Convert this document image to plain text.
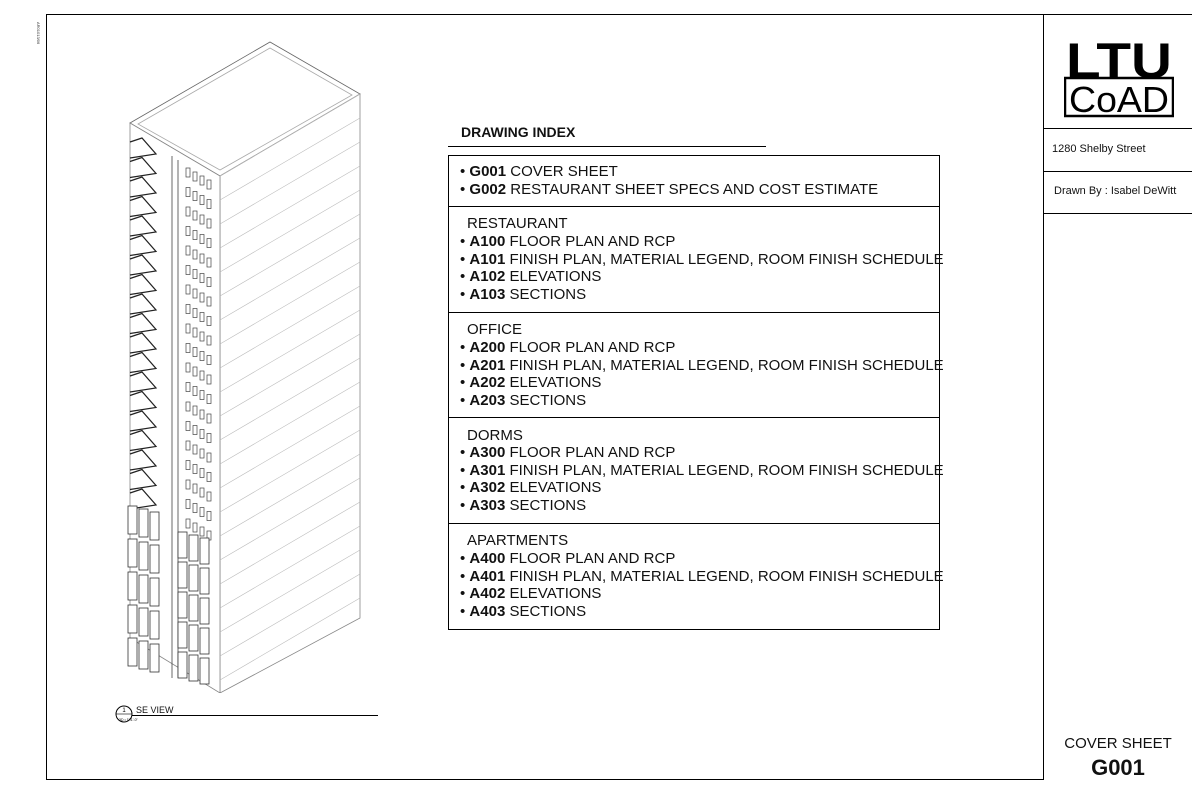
AR01013/06	LTU
CoAD
1280 Shelby Street
Drawn By : Isabel DeWitt
COVER SHEET
G001
1
3D • 1"/1'-0"
SE VIEW
DRAWING INDEX
• G001 COVER SHEET
• G002 RESTAURANT SHEET SPECS AND COST ESTIMATE
RESTAURANT
• A100 FLOOR PLAN AND RCP
• A101 FINISH PLAN, MATERIAL LEGEND, ROOM FINISH SCHEDULE
• A102 ELEVATIONS
• A103 SECTIONS
OFFICE
• A200 FLOOR PLAN AND RCP
• A201 FINISH PLAN, MATERIAL LEGEND, ROOM FINISH SCHEDULE
• A202 ELEVATIONS
• A203 SECTIONS
DORMS
• A300 FLOOR PLAN AND RCP
• A301 FINISH PLAN, MATERIAL LEGEND, ROOM FINISH SCHEDULE
• A302 ELEVATIONS
• A303 SECTIONS
APARTMENTS
• A400 FLOOR PLAN AND RCP
• A401 FINISH PLAN, MATERIAL LEGEND, ROOM FINISH SCHEDULE
• A402 ELEVATIONS
• A403 SECTIONS
